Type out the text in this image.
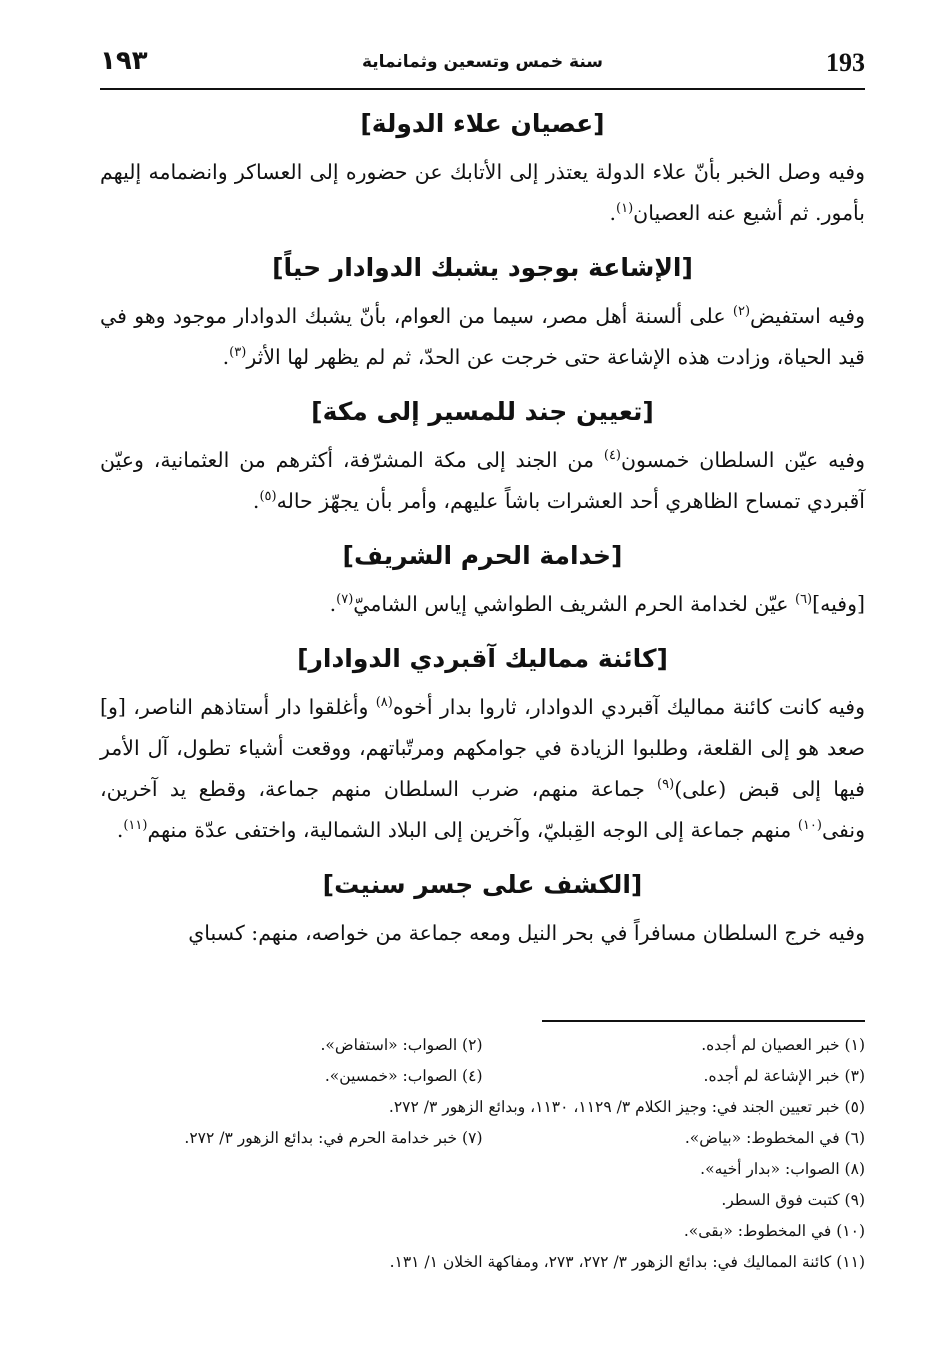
193
سنة خمس وتسعين وثمانماية
١٩٣
[عصيان علاء الدولة]

وفيه وصل الخبر بأنّ علاء الدولة يعتذر إلى الأتابك عن حضوره إلى العساكر وانضمامه إليهم بأمور. ثم أشيع عنه العصيان$^{(١)}$.

[الإشاعة بوجود يشبك الدوادار حياً]

وفيه استفيض$^{(٢)}$ على ألسنة أهل مصر، سيما من العوام، بأنّ يشبك الدوادار موجود وهو في قيد الحياة، وزادت هذه الإشاعة حتى خرجت عن الحدّ، ثم لم يظهر لها الأثر$^{(٣)}$.

[تعيين جند للمسير إلى مكة]

وفيه عيّن السلطان خمسون$^{(٤)}$ من الجند إلى مكة المشرّفة، أكثرهم من العثمانية، وعيّن آقبردي تمساح الظاهري أحد العشرات باشاً عليهم، وأمر بأن يجهّز حاله$^{(٥)}$.

[خدامة الحرم الشريف]

[وفيه]$^{(٦)}$ عيّن لخدامة الحرم الشريف الطواشي إياس الشاميّ$^{(٧)}$.

[كائنة مماليك آقبردي الدوادار]

وفيه كانت كائنة مماليك آقبردي الدوادار، ثاروا بدار أخوه$^{(٨)}$ وأغلقوا دار أستاذهم الناصر، [و] صعد هو إلى القلعة، وطلبوا الزيادة في جوامكهم ومرتّباتهم، ووقعت أشياء تطول، آل الأمر فيها إلى قبض (على)$^{(٩)}$ جماعة منهم، ضرب السلطان منهم جماعة، وقطع يد آخرين، ونفى$^{(١٠)}$ منهم جماعة إلى الوجه القِبليّ، وآخرين إلى البلاد الشمالية، واختفى عدّة منهم$^{(١١)}$.

[الكشف على جسر سنيت]

وفيه خرج السلطان مسافراً في بحر النيل ومعه جماعة من خواصه، منهم: كسباي

(١) خبر العصيان لم أجده.
(٢) الصواب: «استفاض».
(٣) خبر الإشاعة لم أجده.
(٤) الصواب: «خمسين».
(٥) خبر تعيين الجند في: وجيز الكلام ٣/ ١١٢٩، ١١٣٠، وبدائع الزهور ٣/ ٢٧٢.
(٦) في المخطوط: «بياض».
(٧) خبر خدامة الحرم في: بدائع الزهور ٣/ ٢٧٢.
(٨) الصواب: «بدار أخيه».
(٩) كتبت فوق السطر.
(١٠) في المخطوط: «بقى».
(١١) كائنة المماليك في: بدائع الزهور ٣/ ٢٧٢، ٢٧٣، ومفاكهة الخلان ١/ ١٣١.
